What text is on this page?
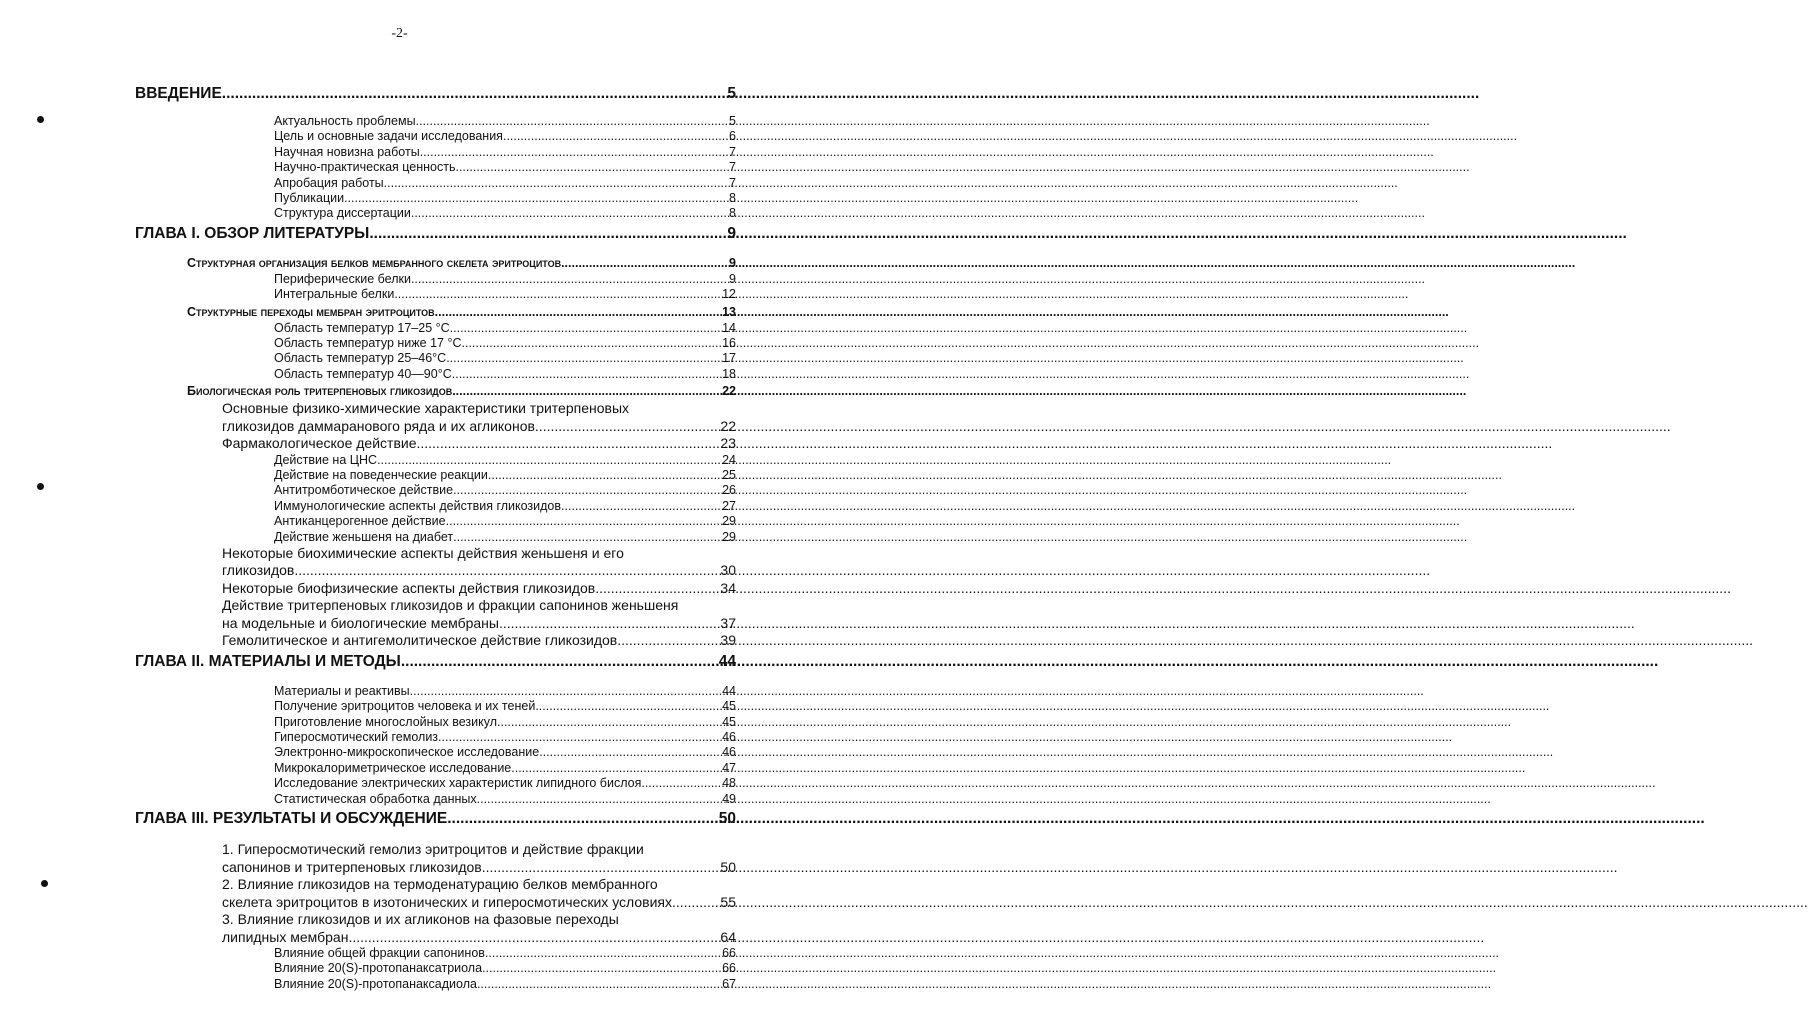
-2-
ВВЕДЕНИЕ .....	5
Актуальность проблемы .....	5
Цель и основные задачи исследования .....	6
Научная новизна работы .....	7
Научно-практическая ценность .....	7
Апробация работы .....	7
Публикации .....	8
Структура диссертации .....	8
ГЛАВА I. ОБЗОР ЛИТЕРАТУРЫ .....	9
Структурная организация белков мембранного скелета эритроцитов .....	9
Периферические белки .....	9
Интегральные белки .....	12
Структурные переходы мембран эритроцитов .....	13
Область температур 17–25 °С. .....	14
Область температур ниже 17 °С. .....	16
Область температур 25–46°С. .....	17
Область температур 40—90°С. .....	18
Биологическая роль тритерпеновых гликозидов .....	22
Основные физико-химические характеристики тритерпеновых
гликозидов даммаранового ряда и их агликонов .....	22
Фармакологическое действие .....	23
Действие на ЦНС .....	24
Действие на поведенческие реакции .....	25
Антитромботическое действие .....	26
Иммунологические аспекты действия гликозидов .....	27
Антиканцерогенное действие .....	29
Действие женьшеня на диабет .....	29
Некоторые биохимические аспекты действия женьшеня и его
гликозидов .....	30
Некоторые биофизические аспекты действия гликозидов .....	34
Действие тритерпеновых гликозидов и фракции сапонинов женьшеня
на модельные и биологические мембраны .....	37
Гемолитическое и антигемолитическое действие гликозидов .....	39
ГЛАВА II. МАТЕРИАЛЫ И МЕТОДЫ .....	44
Материалы и реактивы .....	44
Получение эритроцитов человека и их теней .....	45
Приготовление многослойных везикул .....	45
Гиперосмотический гемолиз .....	46
Электронно-микроскопическое исследование .....	46
Микрокалориметрическое исследование .....	47
Исследование электрических характеристик липидного бислоя .....	48
Статистическая обработка данных .....	49
ГЛАВА III. РЕЗУЛЬТАТЫ И ОБСУЖДЕНИЕ .....	50
1. Гиперосмотический гемолиз эритроцитов и действие фракции
сапонинов и тритерпеновых гликозидов .....	50
2. Влияние гликозидов на термоденатурацию белков мембранного
скелета эритроцитов в изотонических и гиперосмотических условиях .....	55
3. Влияние гликозидов и их агликонов на фазовые переходы
липидных мембран .....	64
Влияние общей фракции сапонинов .....	66
Влияние 20(S)-протопанаксатриола .....	66
Влияние 20(S)-протопанаксадиола .....	67
